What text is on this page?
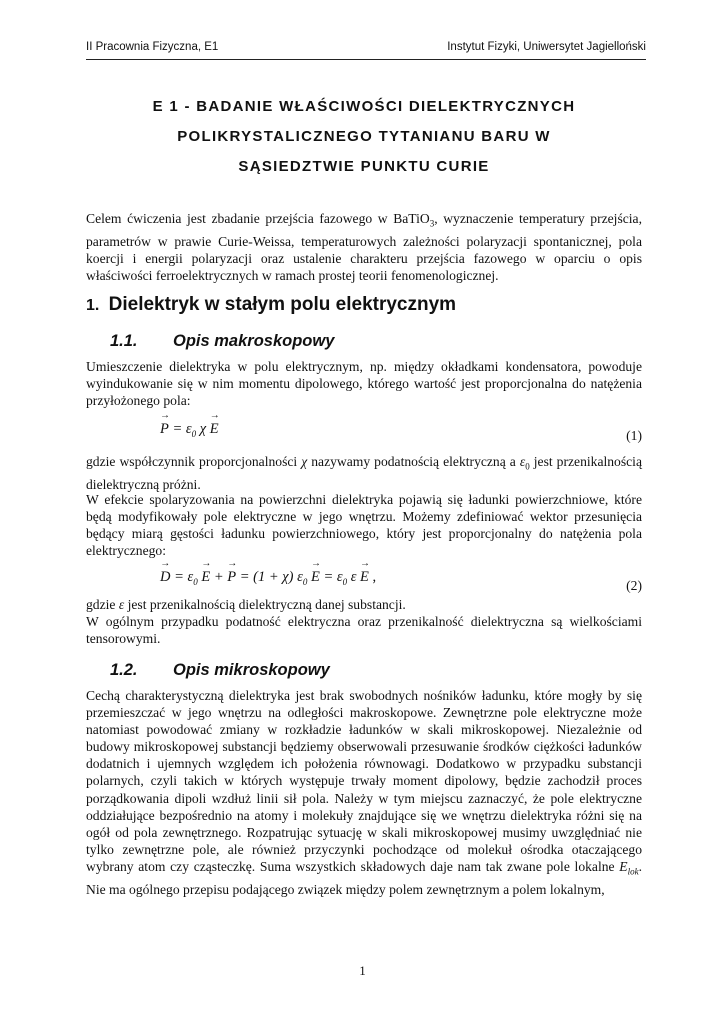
II Pracownia Fizyczna, E1	Instytut Fizyki, Uniwersytet Jagielloński
E 1 - BADANIE WŁAŚCIWOŚCI DIELEKTRYCZNYCH
POLIKRYSTALICZNEGO TYTANIANU BARU W
SĄSIEDZTWIE PUNKTU CURIE
Celem ćwiczenia jest zbadanie przejścia fazowego w BaTiO$_3$, wyznaczenie temperatury przejścia, parametrów w prawie Curie-Weissa, temperaturowych zależności polaryzacji spontanicznej, pola koercji i energii polaryzacji oraz ustalenie charakteru przejścia fazowego w oparciu o opis właściwości ferroelektrycznych w ramach prostej teorii fenomenologicznej.
1. Dielektryk w stałym polu elektrycznym
1.1. Opis makroskopowy
Umieszczenie dielektryka w polu elektrycznym, np. między okładkami kondensatora, powoduje wyindukowanie się w nim momentu dipolowego, którego wartość jest proporcjonalna do natężenia przyłożonego pola:
→ $P = \varepsilon_0$ χ → E	(1)
gdzie współczynnik proporcjonalności χ nazywamy podatnością elektryczną a $\varepsilon_0$ jest przenikalnością dielektryczną próżni.
W efekcie spolaryzowania na powierzchni dielektryka pojawią się ładunki powierzchniowe, które będą modyfikowały pole elektryczne w jego wnętrzu. Możemy zdefiniować wektor przesunięcia będący miarą gęstości ładunku powierzchniowego, który jest proporcjonalny do natężenia pola elektrycznego:
→ $D = \varepsilon_0 \to E$ + → P = (1 + χ) $\varepsilon_0 \to E = \varepsilon_0$ ε → E ,
(2)
gdzie ε jest przenikalnością dielektryczną danej substancji.
W ogólnym przypadku podatność elektryczna oraz przenikalność dielektryczna są wielkościami tensorowymi.
1.2. Opis mikroskopowy
Cechą charakterystyczną dielektryka jest brak swobodnych nośników ładunku, które mogły by się przemieszczać w jego wnętrzu na odległości makroskopowe. Zewnętrzne pole elektryczne może natomiast powodować zmiany w rozkładzie ładunków w skali mikroskopowej. Niezależnie od budowy mikroskopowej substancji będziemy obserwowali przesuwanie środków ciężkości ładunków dodatnich i ujemnych względem ich położenia równowagi. Dodatkowo w przypadku substancji polarnych, czyli takich w których występuje trwały moment dipolowy, będzie zachodził proces porządkowania dipoli wzdłuż linii sił pola. Należy w tym miejscu zaznaczyć, że pole elektryczne oddziałujące bezpośrednio na atomy i molekuły znajdujące się we wnętrzu dielektryka różni się na ogół od pola zewnętrznego. Rozpatrując sytuację w skali mikroskopowej musimy uwzględniać nie tylko zewnętrzne pole, ale również przyczynki pochodzące od molekuł ośrodka otaczającego wybrany atom czy cząsteczkę. Suma wszystkich składowych daje nam tak zwane pole lokalne $E_{lok}$. Nie ma ogólnego przepisu podającego związek między polem zewnętrznym a polem lokalnym,
1
